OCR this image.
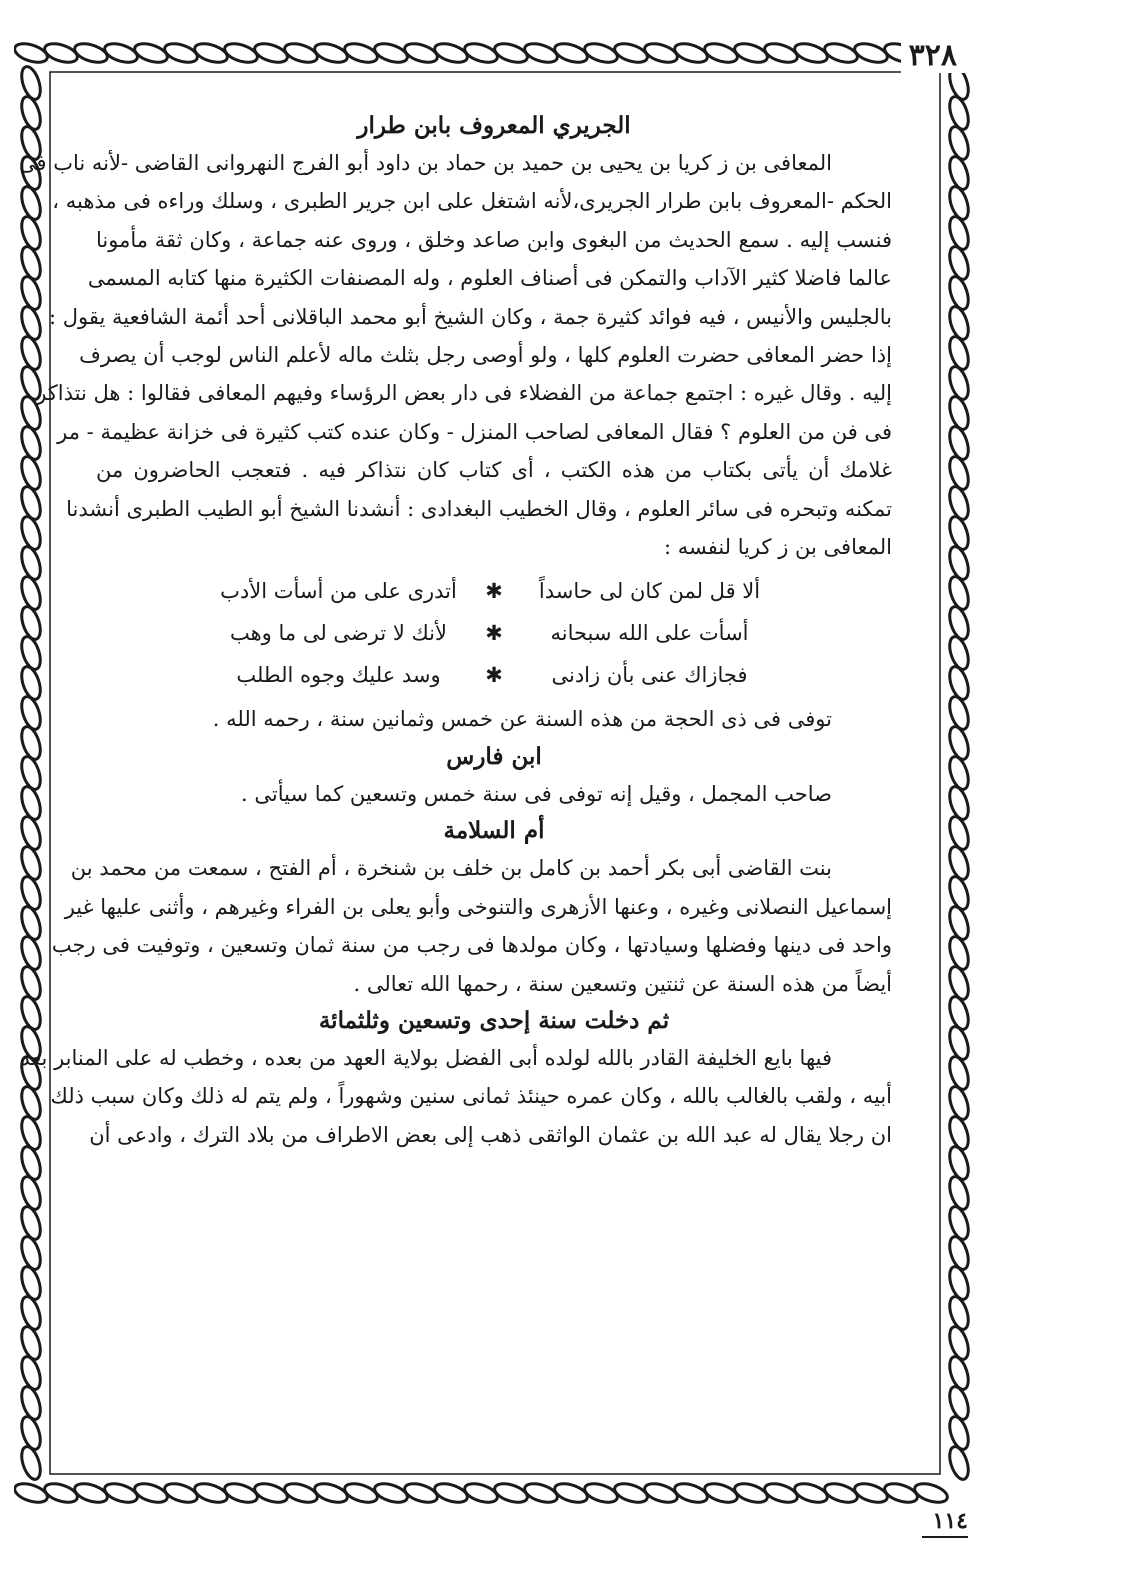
٣٢٨
الجريري المعروف بابن طرار

المعافى بن ز كريا بن يحيى بن حميد بن حماد بن داود أبو الفرج النهروانى القاضى -لأنه ناب فى

الحكم -المعروف بابن طرار الجريرى،لأنه اشتغل على ابن جرير الطبرى ، وسلك وراءه فى مذهبه ،

فنسب إليه . سمع الحديث من البغوى وابن صاعد وخلق ، وروى عنه جماعة ، وكان ثقة مأمونا

عالما فاضلا كثير الآداب والتمكن فى أصناف العلوم ، وله المصنفات الكثيرة منها كتابه المسمى

بالجليس والأنيس ، فيه فوائد كثيرة جمة ، وكان الشيخ أبو محمد الباقلانى أحد أئمة الشافعية يقول :

إذا حضر المعافى حضرت العلوم كلها ، ولو أوصى رجل بثلث ماله لأعلم الناس لوجب أن يصرف

إليه . وقال غيره : اجتمع جماعة من الفضلاء فى دار بعض الرؤساء وفيهم المعافى فقالوا : هل نتذاكر

فى فن من العلوم ؟ فقال المعافى لصاحب المنزل - وكان عنده كتب كثيرة فى خزانة عظيمة - مر

غلامك أن يأتى بكتاب من هذه الكتب ، أى كتاب كان نتذاكر فيه . فتعجب الحاضرون من

تمكنه وتبحره فى سائر العلوم ، وقال الخطيب البغدادى : أنشدنا الشيخ أبو الطيب الطبرى أنشدنا

المعافى بن ز كريا لنفسه :

ألا قل لمن كان لى حاسداً
✱
أتدرى على من أسأت الأدب
أسأت على الله سبحانه
✱
لأنك لا ترضى لى ما وهب
فجازاك عنى بأن زادنى
✱
وسد عليك وجوه الطلب

توفى فى ذى الحجة من هذه السنة عن خمس وثمانين سنة ، رحمه الله .

ابن فارس

صاحب المجمل ، وقيل إنه توفى فى سنة خمس وتسعين كما سيأتى .

أم السلامة

بنت القاضى أبى بكر أحمد بن كامل بن خلف بن شنخرة ، أم الفتح ، سمعت من محمد بن

إسماعيل النصلانى وغيره ، وعنها الأزهرى والتنوخى وأبو يعلى بن الفراء وغيرهم ، وأثنى عليها غير

واحد فى دينها وفضلها وسيادتها ، وكان مولدها فى رجب من سنة ثمان وتسعين ، وتوفيت فى رجب

أيضاً من هذه السنة عن ثنتين وتسعين سنة ، رحمها الله تعالى .

ثم دخلت سنة إحدى وتسعين وثلثمائة

فيها بايع الخليفة القادر بالله لولده أبى الفضل بولاية العهد من بعده ، وخطب له على المنابر بعد

أبيه ، ولقب بالغالب بالله ، وكان عمره حينئذ ثمانى سنين وشهوراً ، ولم يتم له ذلك وكان سبب ذلك

ان رجلا يقال له عبد الله بن عثمان الواثقى ذهب إلى بعض الاطراف من بلاد الترك ، وادعى أن

١١٤
